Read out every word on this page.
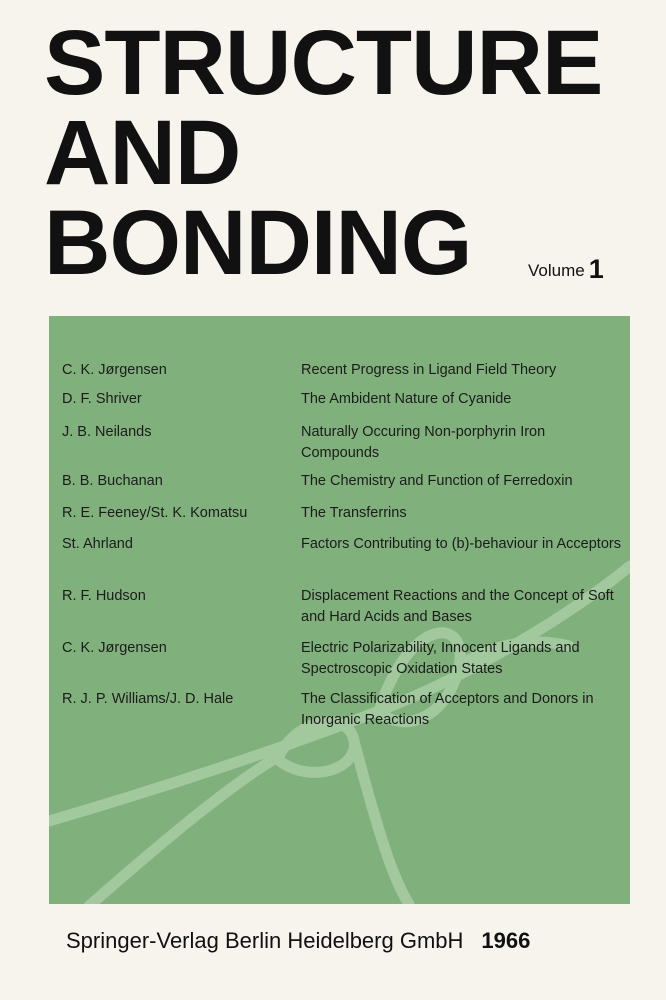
STRUCTURE
AND
BONDING	Volume 1
C. K. Jørgensen	Recent Progress in Ligand Field Theory
D. F. Shriver	The Ambident Nature of Cyanide
J. B. Neilands	Naturally Occuring Non-porphyrin Iron Compounds
B. B. Buchanan	The Chemistry and Function of Ferredoxin
R. E. Feeney/St. K. Komatsu	The Transferrins
St. Ahrland	Factors Contributing to (b)-behaviour in Acceptors
R. F. Hudson	Displacement Reactions and the Concept of Soft and Hard Acids and Bases
C. K. Jørgensen	Electric Polarizability, Innocent Ligands and Spectroscopic Oxidation States
R. J. P. Williams/J. D. Hale	The Classification of Acceptors and Donors in Inorganic Reactions
Springer-Verlag Berlin Heidelberg GmbH 1966
